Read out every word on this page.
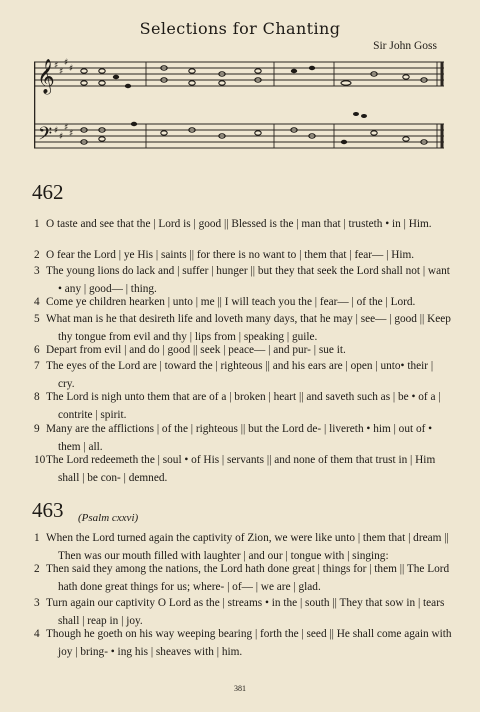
Selections for Chanting
Sir John Goss
𝄞
𝄢
♯
♯
♯
♯
♯
♯
♯
♯
462
1 O taste and see that the | Lord is | good || Blessed is the | man that | trusteth • in | Him.
2 O fear the Lord | ye His | saints || for there is no want to | them that | fear— | Him.
3 The young lions do lack and | suffer | hunger || but they that seek the Lord shall not | want • any | good— | thing.
4 Come ye children hearken | unto | me || I will teach you the | fear— | of the | Lord.
5 What man is he that desireth life and loveth many days, that he may | see— | good || Keep thy tongue from evil and thy | lips from | speaking | guile.
6 Depart from evil | and do | good || seek | peace— | and pur- | sue it.
7 The eyes of the Lord are | toward the | righteous || and his ears are | open | unto• their | cry.
8 The Lord is nigh unto them that are of a | broken | heart || and saveth such as | be • of a | contrite | spirit.
9 Many are the afflictions | of the | righteous || but the Lord de- | livereth • him | out of • them | all.
10 The Lord redeemeth the | soul • of His | servants || and none of them that trust in | Him shall | be con- | demned.
463 (Psalm cxxvi)
1 When the Lord turned again the captivity of Zion, we were like unto | them that | dream || Then was our mouth filled with laughter | and our | tongue with | singing:
2 Then said they among the nations, the Lord hath done great | things for | them || The Lord hath done great things for us; where- | of— | we are | glad.
3 Turn again our captivity O Lord as the | streams • in the | south || They that sow in | tears shall | reap in | joy.
4 Though he goeth on his way weeping bearing | forth the | seed || He shall come again with joy | bring- • ing his | sheaves with | him.
381
